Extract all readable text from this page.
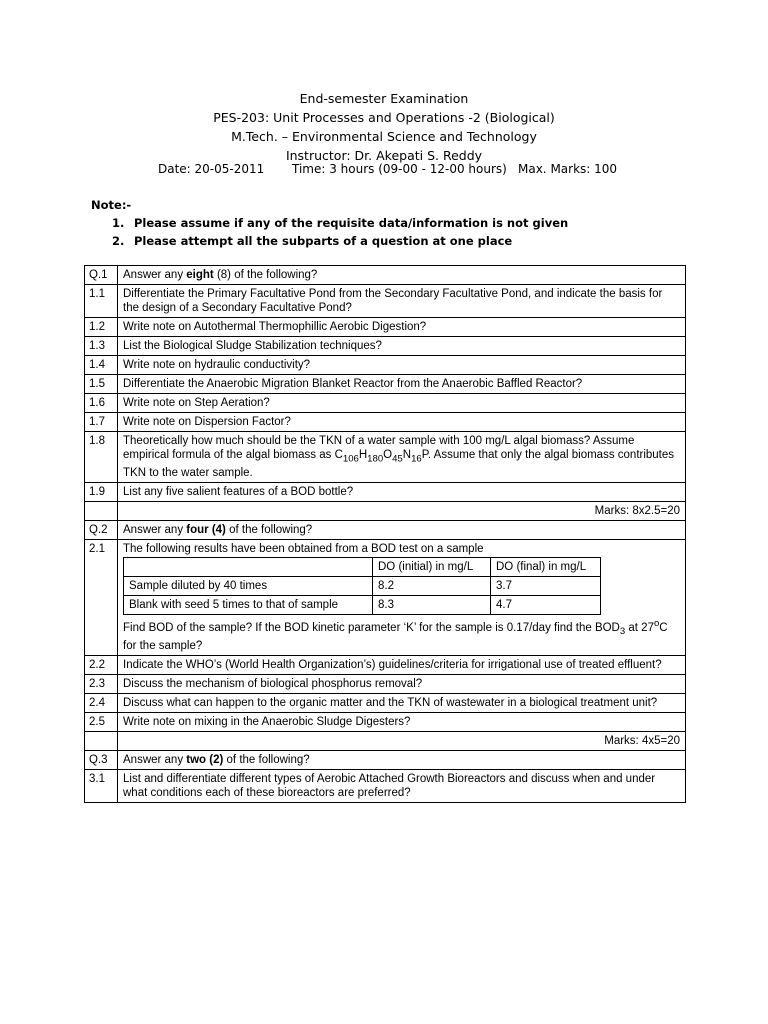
End-semester Examination
PES-203: Unit Processes and Operations -2 (Biological)
M.Tech. – Environmental Science and Technology
Instructor: Dr. Akepati S. Reddy
Date: 20-05-2011 Time: 3 hours (09-00 - 12-00 hours) Max. Marks: 100
Note:-
1. Please assume if any of the requisite data/information is not given
2. Please attempt all the subparts of a question at one place
Q.1	Answer any eight (8) of the following?
1.1	Differentiate the Primary Facultative Pond from the Secondary Facultative Pond, and indicate the basis for the design of a Secondary Facultative Pond?
1.2	Write note on Autothermal Thermophillic Aerobic Digestion?
1.3	List the Biological Sludge Stabilization techniques?
1.4	Write note on hydraulic conductivity?
1.5	Differentiate the Anaerobic Migration Blanket Reactor from the Anaerobic Baffled Reactor?
1.6	Write note on Step Aeration?
1.7	Write note on Dispersion Factor?
1.8	Theoretically how much should be the TKN of a water sample with 100 mg/L algal biomass? Assume empirical formula of the algal biomass as $C_{106}H_{180}O_{45}N_{16}P$. Assume that only the algal biomass contributes TKN to the water sample.
1.9	List any five salient features of a BOD bottle?
	Marks: 8x2.5=20
Q.2	Answer any four (4) of the following?
2.1	The following results have been obtained from a BOD test on a sample
	DO (initial) in mg/L	DO (final) in mg/L
Sample diluted by 40 times	8.2	3.7
Blank with seed 5 times to that of sample	8.3	4.7
Find BOD of the sample? If the BOD kinetic parameter ‘K’ for the sample is 0.17/day find the $BOD_3$ at 27$^o$C for the sample?

2.2	Indicate the WHO’s (World Health Organization’s) guidelines/criteria for irrigational use of treated effluent?
2.3	Discuss the mechanism of biological phosphorus removal?
2.4	Discuss what can happen to the organic matter and the TKN of wastewater in a biological treatment unit?
2.5	Write note on mixing in the Anaerobic Sludge Digesters?
	Marks: 4x5=20
Q.3	Answer any two (2) of the following?
3.1	List and differentiate different types of Aerobic Attached Growth Bioreactors and discuss when and under what conditions each of these bioreactors are preferred?
